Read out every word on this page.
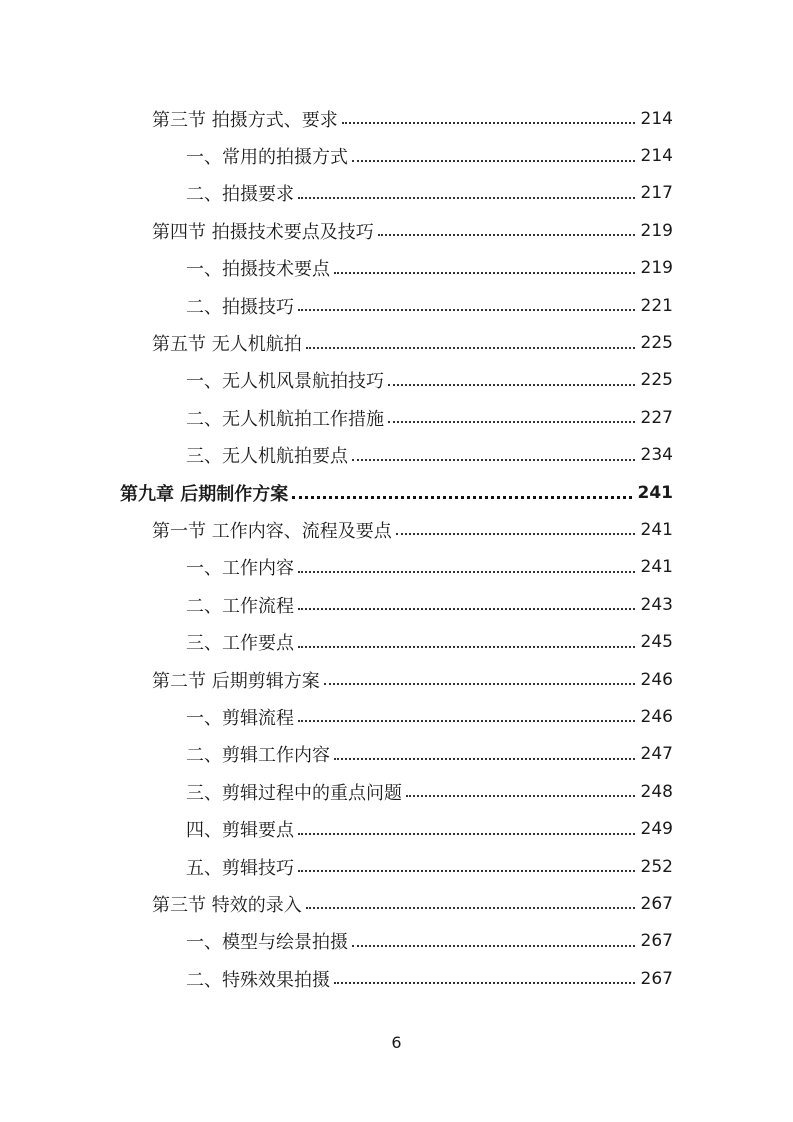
第三节 拍摄方式、要求	214
一、常用的拍摄方式	214
二、拍摄要求	217
第四节 拍摄技术要点及技巧	219
一、拍摄技术要点	219
二、拍摄技巧	221
第五节 无人机航拍	225
一、无人机风景航拍技巧	225
二、无人机航拍工作措施	227
三、无人机航拍要点	234
第九章 后期制作方案	241
第一节 工作内容、流程及要点	241
一、工作内容	241
二、工作流程	243
三、工作要点	245
第二节 后期剪辑方案	246
一、剪辑流程	246
二、剪辑工作内容	247
三、剪辑过程中的重点问题	248
四、剪辑要点	249
五、剪辑技巧	252
第三节 特效的录入	267
一、模型与绘景拍摄	267
二、特殊效果拍摄	267
6
